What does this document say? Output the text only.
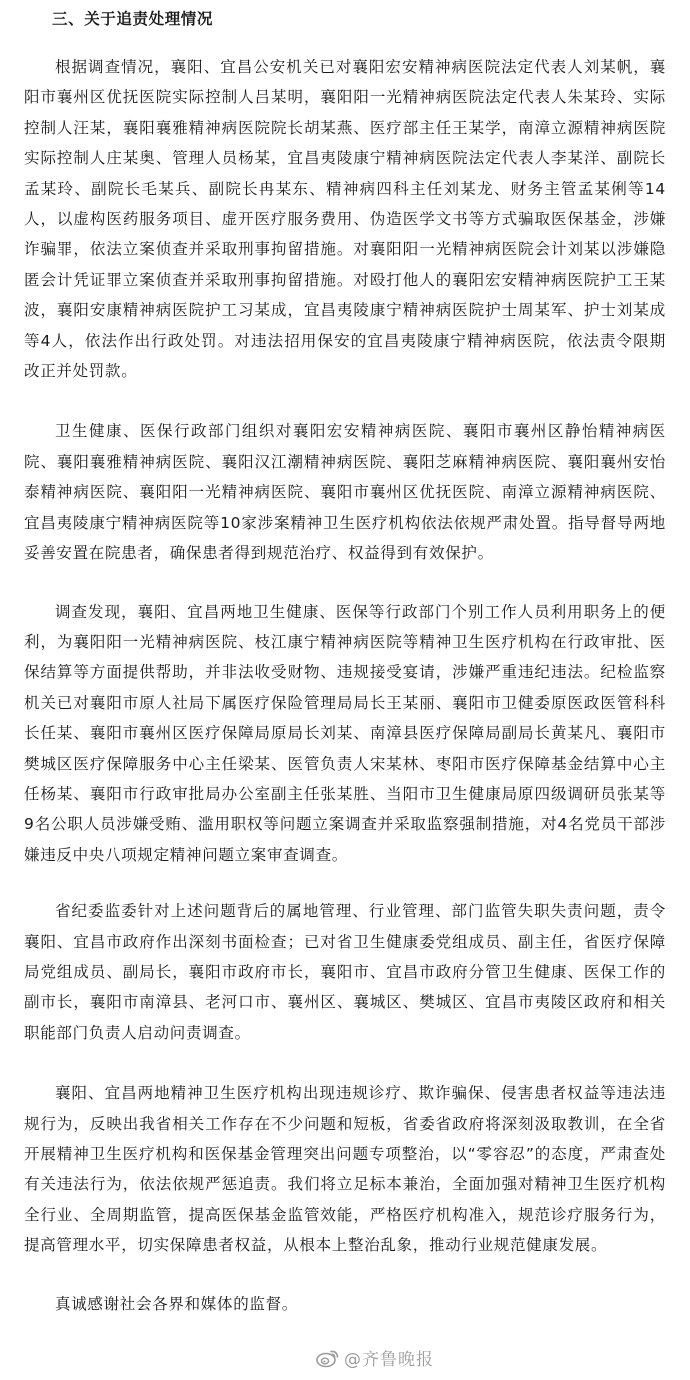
三、关于追责处理情况

根据调查情况，襄阳、宜昌公安机关已对襄阳宏安精神病医院法定代表人刘某帆，襄阳市襄州区优抚医院实际控制人吕某明，襄阳阳一光精神病医院法定代表人朱某玲、实际控制人汪某，襄阳襄雅精神病医院院长胡某燕、医疗部主任王某学，南漳立源精神病医院实际控制人庄某奥、管理人员杨某，宜昌夷陵康宁精神病医院法定代表人李某洋、副院长孟某玲、副院长毛某兵、副院长冉某东、精神病四科主任刘某龙、财务主管孟某俐等14人，以虚构医药服务项目、虚开医疗服务费用、伪造医学文书等方式骗取医保基金，涉嫌诈骗罪，依法立案侦查并采取刑事拘留措施。对襄阳阳一光精神病医院会计刘某以涉嫌隐匿会计凭证罪立案侦查并采取刑事拘留措施。对殴打他人的襄阳宏安精神病医院护工王某波，襄阳安康精神病医院护工习某成，宜昌夷陵康宁精神病医院护士周某军、护士刘某成等4人，依法作出行政处罚。对违法招用保安的宜昌夷陵康宁精神病医院，依法责令限期改正并处罚款。

卫生健康、医保行政部门组织对襄阳宏安精神病医院、襄阳市襄州区静怡精神病医院、襄阳襄雅精神病医院、襄阳汉江潮精神病医院、襄阳芝麻精神病医院、襄阳襄州安怡泰精神病医院、襄阳阳一光精神病医院、襄阳市襄州区优抚医院、南漳立源精神病医院、宜昌夷陵康宁精神病医院等10家涉案精神卫生医疗机构依法依规严肃处置。指导督导两地妥善安置在院患者，确保患者得到规范治疗、权益得到有效保护。

调查发现，襄阳、宜昌两地卫生健康、医保等行政部门个别工作人员利用职务上的便利，为襄阳阳一光精神病医院、枝江康宁精神病医院等精神卫生医疗机构在行政审批、医保结算等方面提供帮助，并非法收受财物、违规接受宴请，涉嫌严重违纪违法。纪检监察机关已对襄阳市原人社局下属医疗保险管理局局长王某丽、襄阳市卫健委原医政医管科科长任某、襄阳市襄州区医疗保障局原局长刘某、南漳县医疗保障局副局长黄某凡、襄阳市樊城区医疗保障服务中心主任梁某、医管负责人宋某林、枣阳市医疗保障基金结算中心主任杨某、襄阳市行政审批局办公室副主任张某胜、当阳市卫生健康局原四级调研员张某等9名公职人员涉嫌受贿、滥用职权等问题立案调查并采取监察强制措施，对4名党员干部涉嫌违反中央八项规定精神问题立案审查调查。

省纪委监委针对上述问题背后的属地管理、行业管理、部门监管失职失责问题，责令襄阳、宜昌市政府作出深刻书面检查；已对省卫生健康委党组成员、副主任，省医疗保障局党组成员、副局长，襄阳市政府市长，襄阳市、宜昌市政府分管卫生健康、医保工作的副市长，襄阳市南漳县、老河口市、襄州区、襄城区、樊城区、宜昌市夷陵区政府和相关职能部门负责人启动问责调查。

襄阳、宜昌两地精神卫生医疗机构出现违规诊疗、欺诈骗保、侵害患者权益等违法违规行为，反映出我省相关工作存在不少问题和短板，省委省政府将深刻汲取教训，在全省开展精神卫生医疗机构和医保基金管理突出问题专项整治，以“零容忍”的态度，严肃查处有关违法行为，依法依规严惩追责。我们将立足标本兼治，全面加强对精神卫生医疗机构全行业、全周期监管，提高医保基金监管效能，严格医疗机构准入，规范诊疗服务行为，提高管理水平，切实保障患者权益，从根本上整治乱象，推动行业规范健康发展。

真诚感谢社会各界和媒体的监督。

@齐鲁晚报
